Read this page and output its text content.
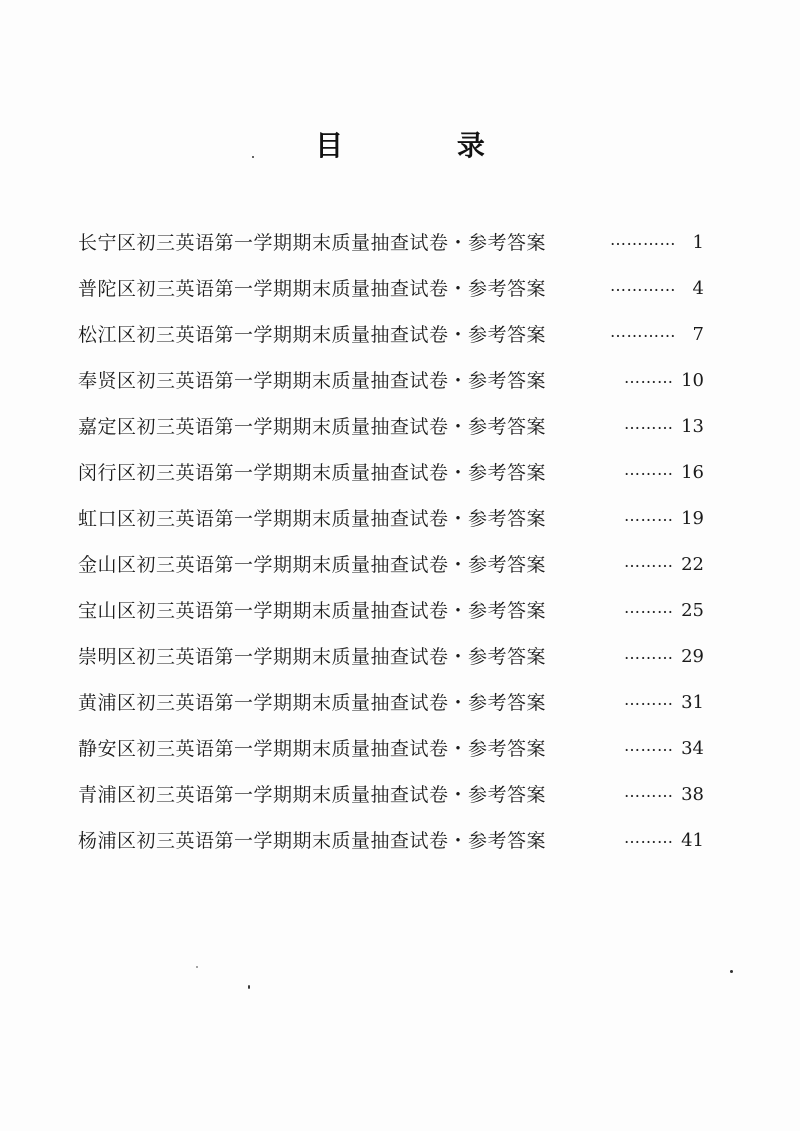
目 录
长宁区初三英语第一学期期末质量抽查试卷・参考答案	………… 1
普陀区初三英语第一学期期末质量抽查试卷・参考答案	………… 4
松江区初三英语第一学期期末质量抽查试卷・参考答案	………… 7
奉贤区初三英语第一学期期末质量抽查试卷・参考答案	……… 10
嘉定区初三英语第一学期期末质量抽查试卷・参考答案	……… 13
闵行区初三英语第一学期期末质量抽查试卷・参考答案	……… 16
虹口区初三英语第一学期期末质量抽查试卷・参考答案	……… 19
金山区初三英语第一学期期末质量抽查试卷・参考答案	……… 22
宝山区初三英语第一学期期末质量抽查试卷・参考答案	……… 25
崇明区初三英语第一学期期末质量抽查试卷・参考答案	……… 29
黄浦区初三英语第一学期期末质量抽查试卷・参考答案	……… 31
静安区初三英语第一学期期末质量抽查试卷・参考答案	……… 34
青浦区初三英语第一学期期末质量抽查试卷・参考答案	……… 38
杨浦区初三英语第一学期期末质量抽查试卷・参考答案	……… 41
